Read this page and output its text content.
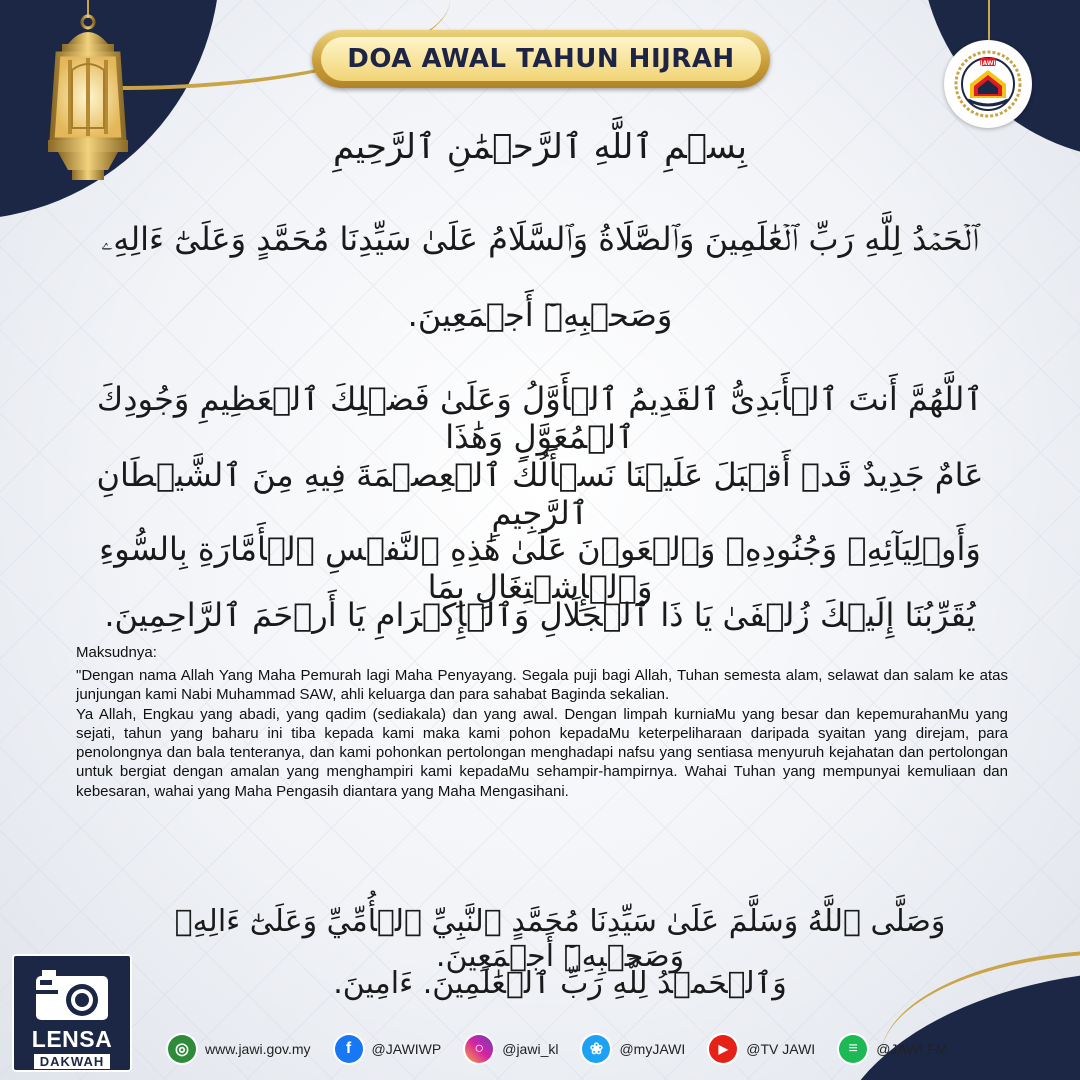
DOA AWAL TAHUN HIJRAH	JAWI
بِسۡمِ ٱللَّهِ ٱلرَّحۡمَٰنِ ٱلرَّحِيمِ
ٱلۡحَمۡدُ لِلَّهِ رَبِّ ٱلۡعَٰلَمِينَ وَٱلصَّلَاةُ وَٱلسَّلَامُ عَلَىٰ سَيِّدِنَا مُحَمَّدٍ وَعَلَىٰٓ ءَالِهِۦ
وَصَحۡبِهِۦٓ أَجۡمَعِينَ.
ٱللَّهُمَّ أَنتَ ٱلۡأَبَدِىُّ ٱلقَدِيمُ ٱلۡأَوَّلُ وَعَلَىٰ فَضۡلِكَ ٱلۡعَظِيمِ وَجُودِكَ ٱلۡمُعَوَّلِ وَهَٰذَا
عَامٌ جَدِيدٌ قَدۡ أَقۡبَلَ عَلَيۡنَا نَسۡأَلُكَ ٱلۡعِصۡمَةَ فِيهِ مِنَ ٱلشَّيۡطَانِ ٱلرَّجِيمِ
وَأَوۡلِيَآئِهِۦ وَجُنُودِهِۦ وَٱلۡعَوۡنَ عَلَىٰ هَٰذِهِ ٱلنَّفۡسِ ٱلۡأَمَّارَةِ بِالسُّوءِ وَٱلۡإِشۡتِغَالِ بِمَا
يُقَرِّبُنَا إِلَيۡكَ زُلۡفَىٰ يَا ذَا ٱلۡجَلَالِ وَٱلۡإِكۡرَامِ يَا أَرۡحَمَ ٱلرَّاحِمِينَ.
Maksudnya:

"Dengan nama Allah Yang Maha Pemurah lagi Maha Penyayang. Segala puji bagi Allah, Tuhan semesta alam, selawat dan salam ke atas junjungan kami Nabi Muhammad SAW, ahli keluarga dan para sahabat Baginda sekalian.

Ya Allah, Engkau yang abadi, yang qadim (sediakala) dan yang awal. Dengan limpah kurniaMu yang besar dan kepemurahanMu yang sejati, tahun yang baharu ini tiba kepada kami maka kami pohon kepadaMu keterpeliharaan daripada syaitan yang direjam, para penolongnya dan bala tenteranya, dan kami pohonkan pertolongan menghadapi nafsu yang sentiasa menyuruh kejahatan dan pertolongan untuk bergiat dengan amalan yang menghampiri kami kepadaMu sehampir-hampirnya. Wahai Tuhan yang mempunyai kemuliaan dan kebesaran, wahai yang Maha Pengasih diantara yang Maha Mengasihani.

وَصَلَّى ٱللَّهُ وَسَلَّمَ عَلَىٰ سَيِّدِنَا مُحَمَّدٍ ٱلنَّبِيِّ ٱلۡأُمِّيِّ وَعَلَىٰٓ ءَالِهِۦ وَصَحۡبِهِۦٓ أَجۡمَعِينَ.
وَٱلۡحَمۡدُ لِلَّهِ رَبِّ ٱلۡعَٰلَمِينَ. ءَامِينَ.
LENSA
DAKWAH
◎	www.jawi.gov.my	f	@JAWIWP	○	@jawi_kl	❀	@myJAWI	▶	@TV JAWI	≡	@JAWI FM
